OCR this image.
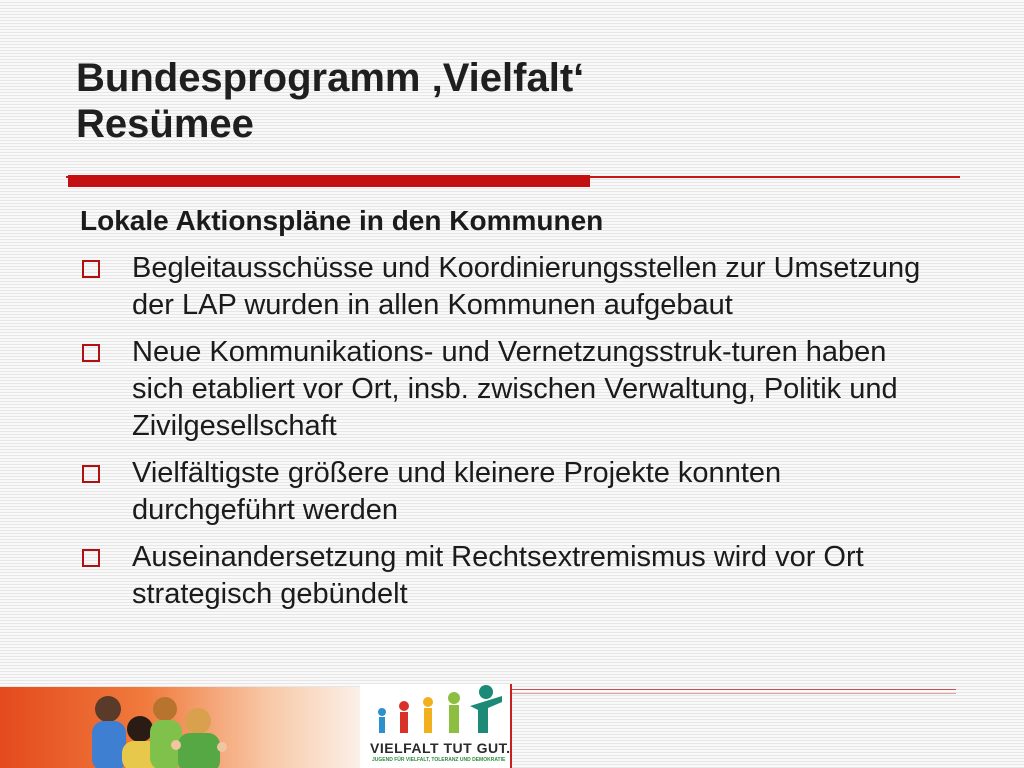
Bundesprogramm ‚Vielfalt‘
Resümee

Lokale Aktionspläne in den Kommunen

Begleitausschüsse und Koordinierungsstellen zur Umsetzung der LAP wurden in allen Kommunen aufgebaut
Neue Kommunikations- und Vernetzungsstruk-turen haben sich etabliert vor Ort, insb. zwischen Verwaltung, Politik und Zivilgesellschaft
Vielfältigste größere und kleinere Projekte konnten durchgeführt werden
Auseinandersetzung mit Rechtsextremismus wird vor Ort strategisch gebündelt
VIELFALT TUT GUT.
JUGEND FÜR VIELFALT, TOLERANZ UND DEMOKRATIE
